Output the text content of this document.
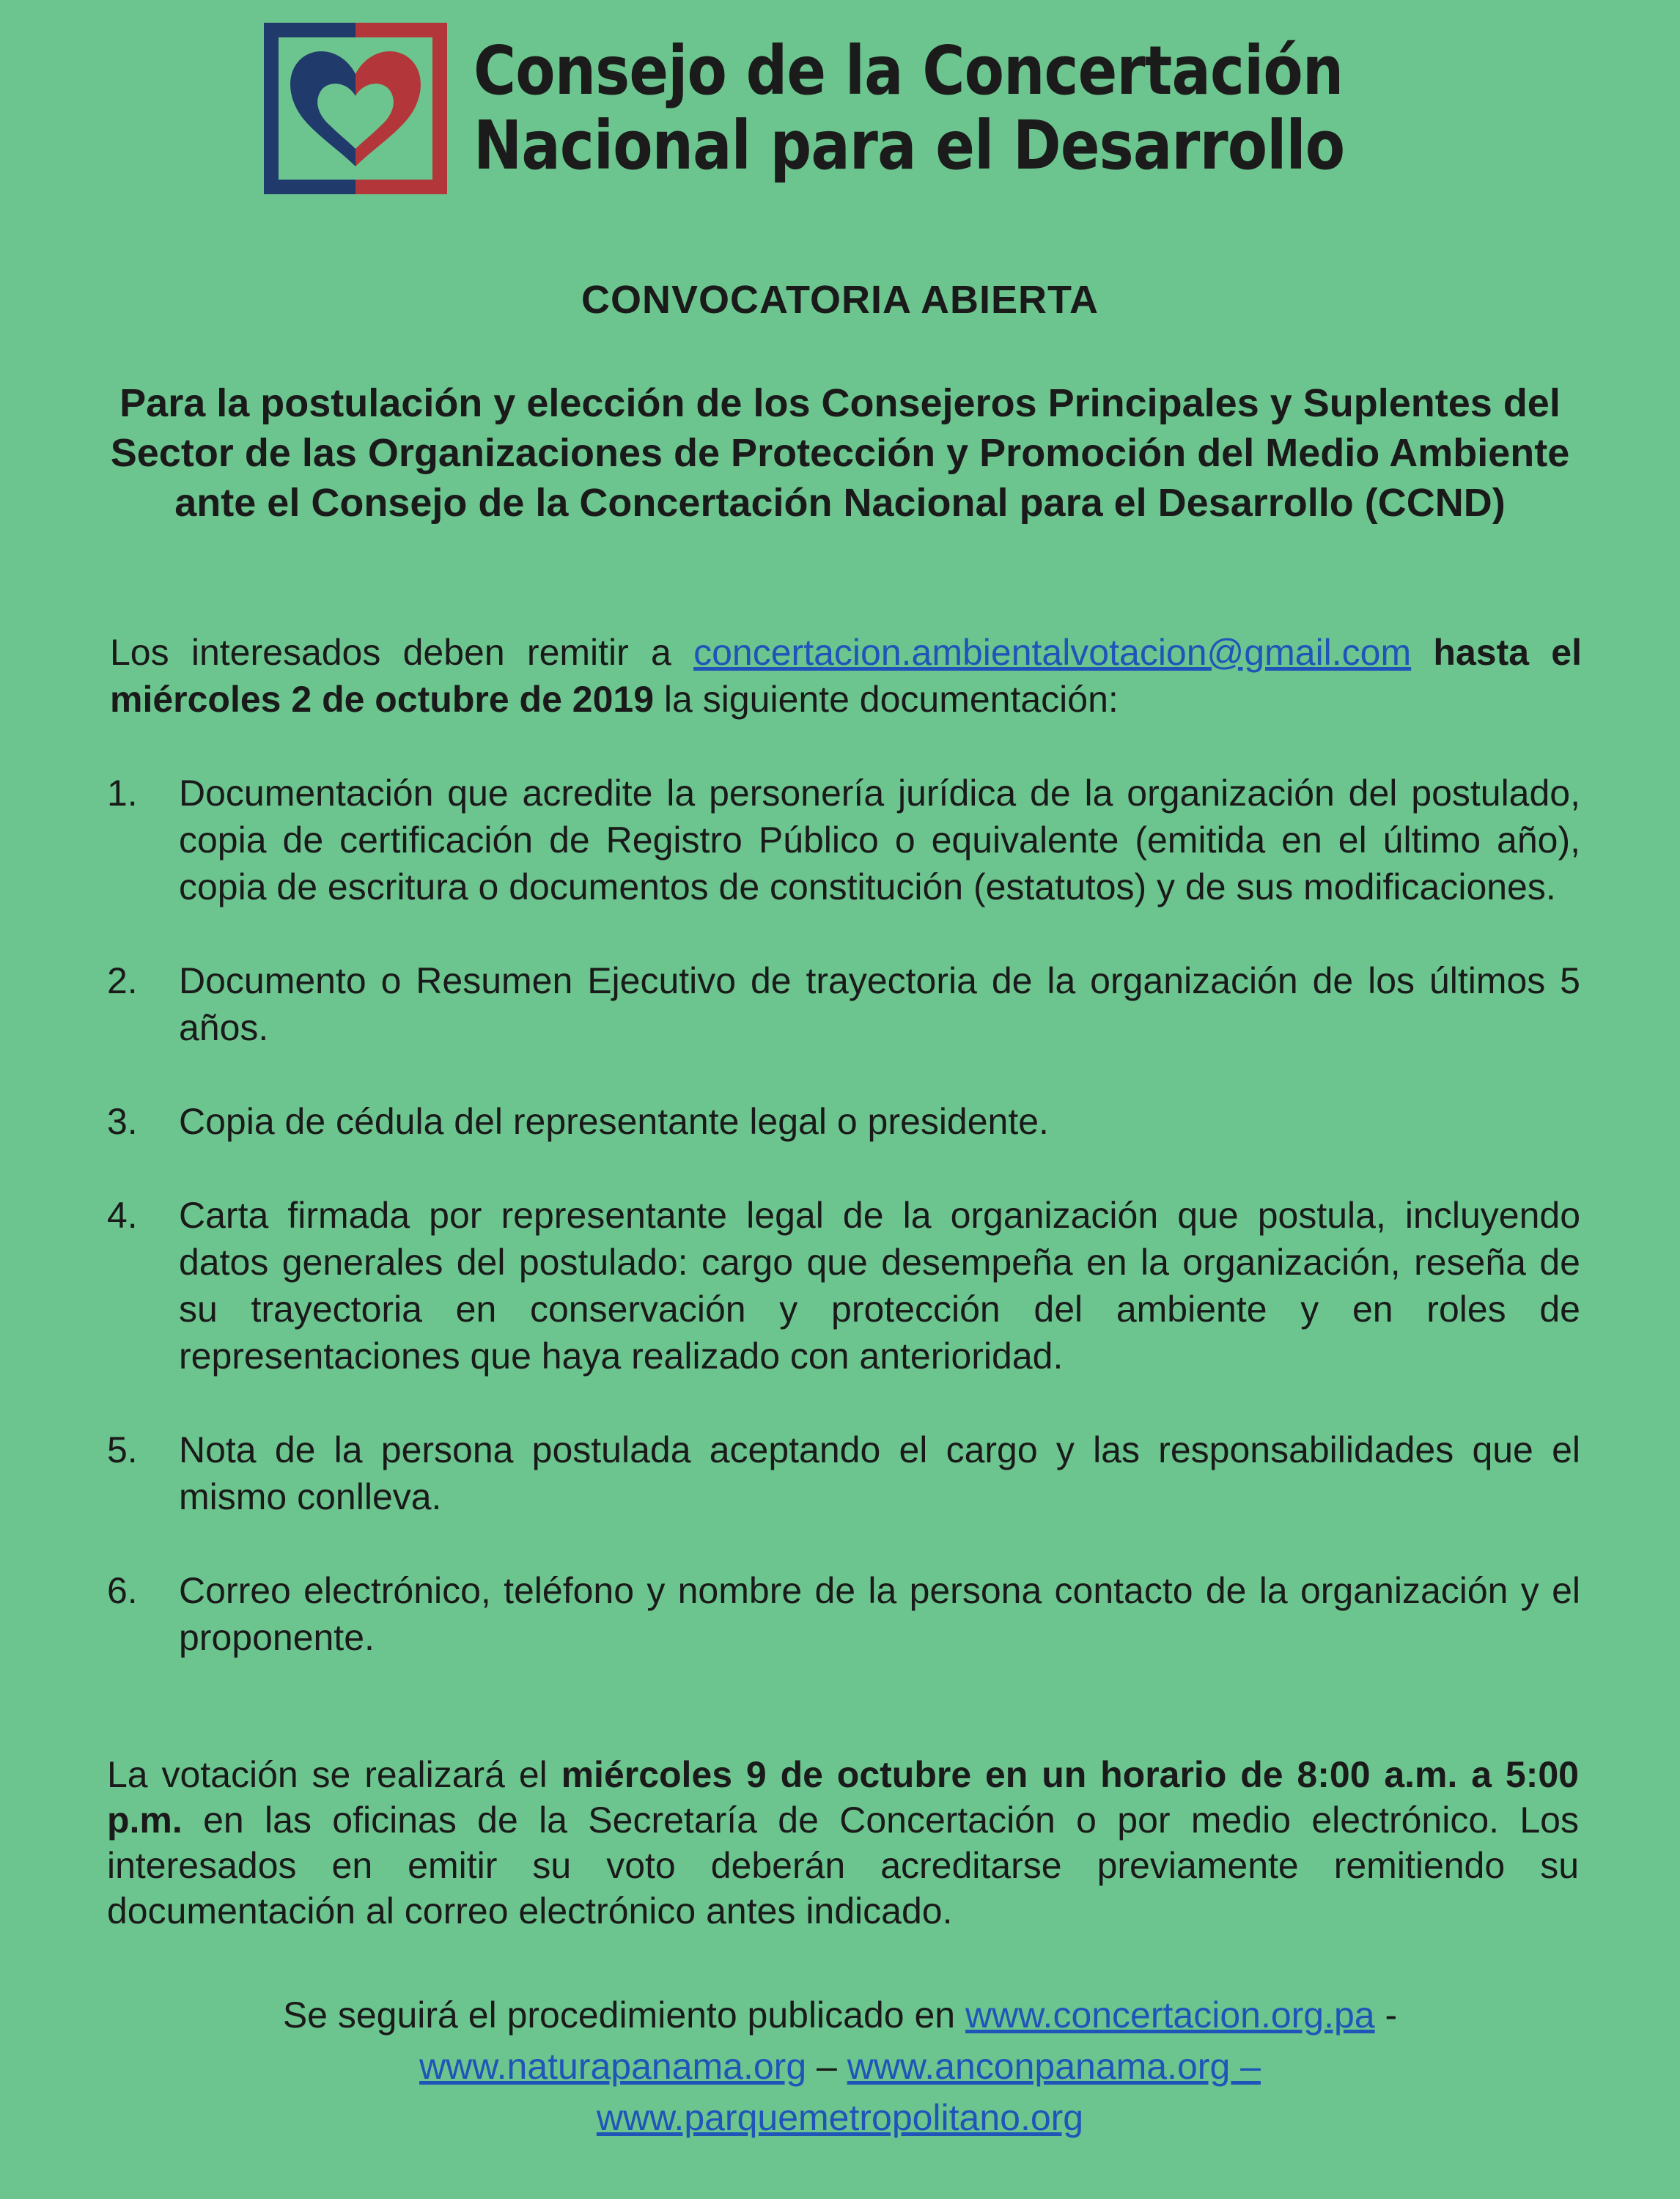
Consejo de la Concertación
Nacional para el Desarrollo
CONVOCATORIA ABIERTA
Para la postulación y elección de los Consejeros Principales y Suplentes del Sector de las Organizaciones de Protección y Promoción del Medio Ambiente ante el Consejo de la Concertación Nacional para el Desarrollo (CCND)
Los interesados deben remitir a concertacion.ambientalvotacion@gmail.com hasta el miércoles 2 de octubre de 2019 la siguiente documentación:
1.	Documentación que acredite la personería jurídica de la organización del postulado, copia de certificación de Registro Público o equivalente (emitida en el último año), copia de escritura o documentos de constitución (estatutos) y de sus modificaciones.
2.	Documento o Resumen Ejecutivo de trayectoria de la organización de los últimos 5 años.
3.	Copia de cédula del representante legal o presidente.
4.	Carta firmada por representante legal de la organización que postula, incluyendo datos generales del postulado: cargo que desempeña en la organización, reseña de su trayectoria en conservación y protección del ambiente y en roles de representaciones que haya realizado con anterioridad.
5.	Nota de la persona postulada aceptando el cargo y las responsabilidades que el mismo conlleva.
6.	Correo electrónico, teléfono y nombre de la persona contacto de la organización y el proponente.
La votación se realizará el miércoles 9 de octubre en un horario de 8:00 a.m. a 5:00 p.m. en las oficinas de la Secretaría de Concertación o por medio electrónico. Los interesados en emitir su voto deberán acreditarse previamente remitiendo su documentación al correo electrónico antes indicado.
Se seguirá el procedimiento publicado en www.concertacion.org.pa -
www.naturapanama.org – www.anconpanama.org –
www.parquemetropolitano.org
